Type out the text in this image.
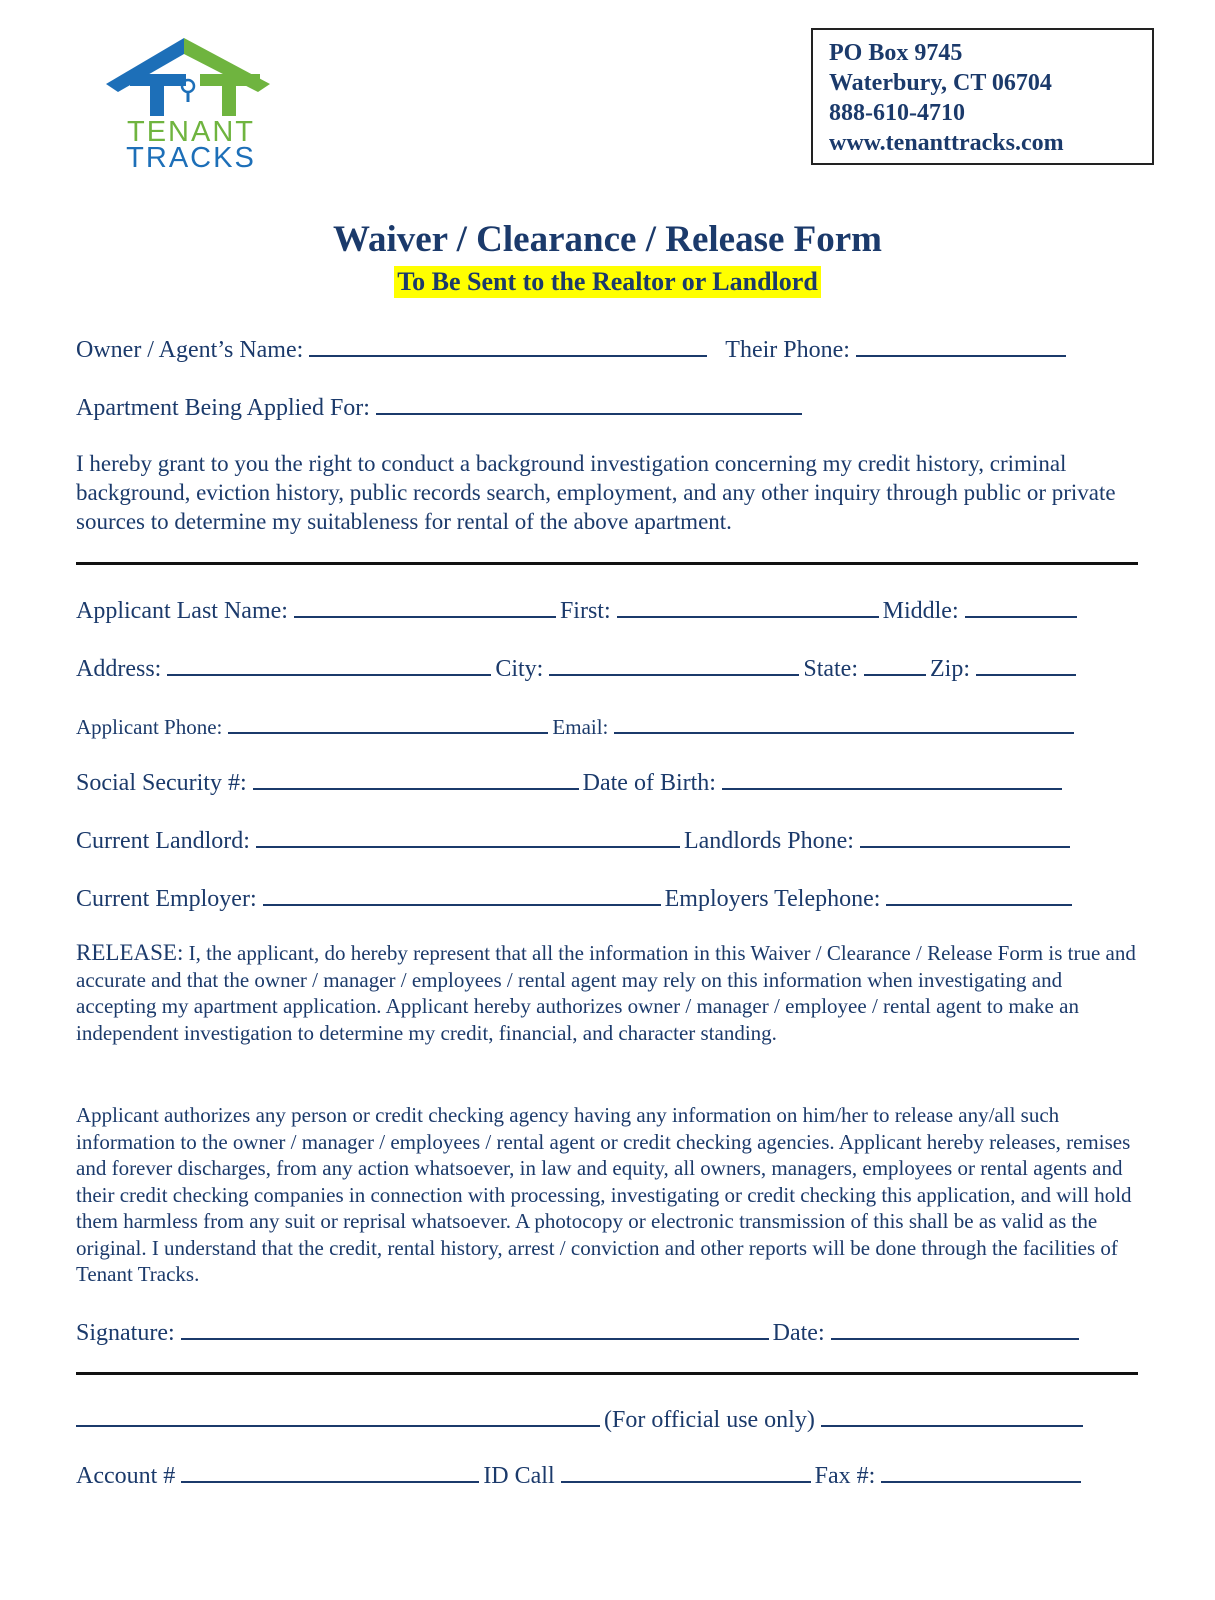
TENANT
TRACKS
PO Box 9745
Waterbury, CT 06704
888-610-4710
www.tenanttracks.com
Waiver / Clearance / Release Form
To Be Sent to the Realtor or Landlord
Owner / Agent’s Name:	Their Phone:
Apartment Being Applied For:
I hereby grant to you the right to conduct a background investigation concerning my credit history, criminal background, eviction history, public records search, employment, and any other inquiry through public or private sources to determine my suitableness for rental of the above apartment.
Applicant Last Name:	First:	Middle:
Address:	City:	State:	Zip:
Applicant Phone:	Email:
Social Security #:	Date of Birth:
Current Landlord:	Landlords Phone:
Current Employer:	Employers Telephone:
RELEASE: I, the applicant, do hereby represent that all the information in this Waiver / Clearance / Release Form is true and accurate and that the owner / manager / employees / rental agent may rely on this information when investigating and accepting my apartment application. Applicant hereby authorizes owner / manager / employee / rental agent to make an independent investigation to determine my credit, financial, and character standing.
Applicant authorizes any person or credit checking agency having any information on him/her to release any/all such information to the owner / manager / employees / rental agent or credit checking agencies. Applicant hereby releases, remises and forever discharges, from any action whatsoever, in law and equity, all owners, managers, employees or rental agents and their credit checking companies in connection with processing, investigating or credit checking this application, and will hold them harmless from any suit or reprisal whatsoever. A photocopy or electronic transmission of this shall be as valid as the original. I understand that the credit, rental history, arrest / conviction and other reports will be done through the facilities of Tenant Tracks.
Signature:	Date:
(For official use only)
Account #	ID Call	Fax #:
